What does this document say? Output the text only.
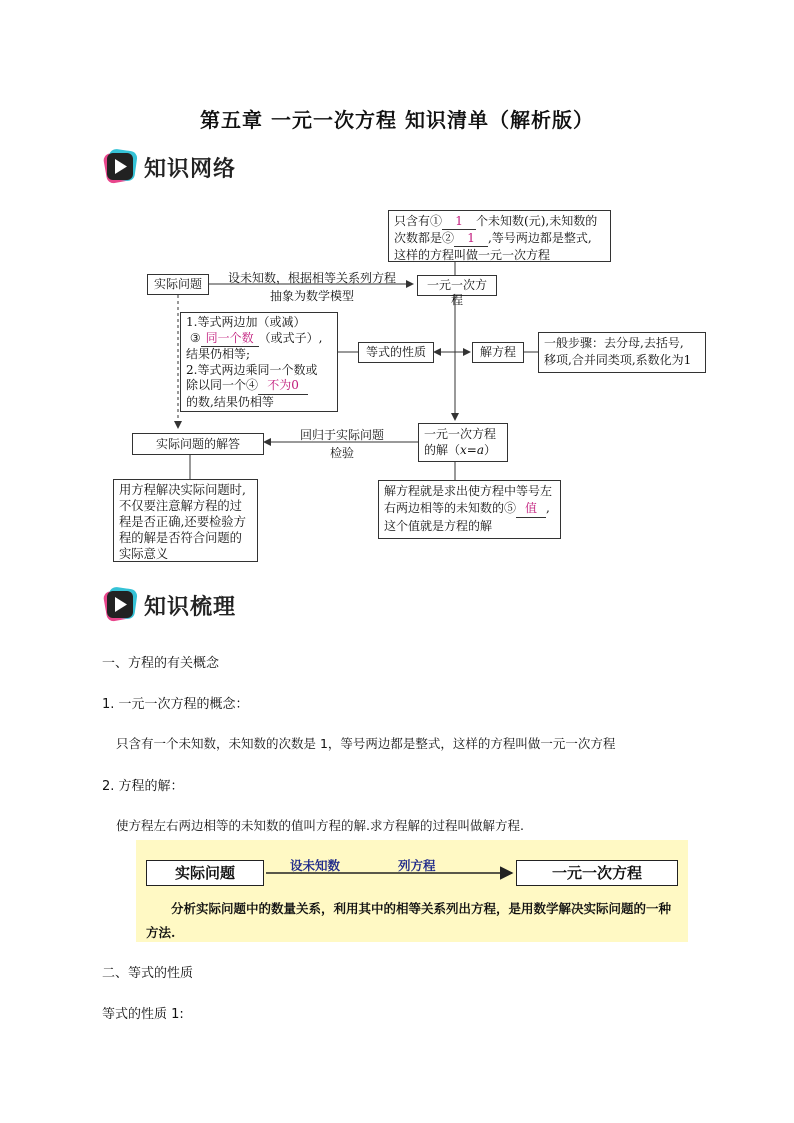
第五章 一元一次方程 知识清单（解析版）
知识网络
只含有① 1 个未知数(元),未知数的
次数都是② 1 ,等号两边都是整式,
这样的方程叫做一元一次方程
实际问题	设未知数，根据相等关系列方程
抽象为数学模型
一元一次方程
1.等式两边加（或减）
③ 同一个数 （或式子）,
结果仍相等;
2.等式两边乘同一个数或
除以同一个④ 不为0
的数,结果仍相等
等式的性质	解方程
一般步骤：去分母,去括号,
移项,合并同类项,系数化为1
一元一次方程
的解（x=a）
回归于实际问题
检验
实际问题的解答
用方程解决实际问题时,不仅要注意解方程的过程是否正确,还要检验方程的解是否符合问题的实际意义
解方程就是求出使方程中等号左右两边相等的未知数的⑤ 值 ,这个值就是方程的解
知识梳理
一、方程的有关概念
1. 一元一次方程的概念：
只含有一个未知数，未知数的次数是 1，等号两边都是整式，这样的方程叫做一元一次方程
2. 方程的解：
使方程左右两边相等的未知数的值叫方程的解.求方程解的过程叫做解方程.
实际问题	设未知数	列方程	一元一次方程
分析实际问题中的数量关系，利用其中的相等关系列出方程，是用数学解决实际问题的一种方法.
二、等式的性质
等式的性质 1:
